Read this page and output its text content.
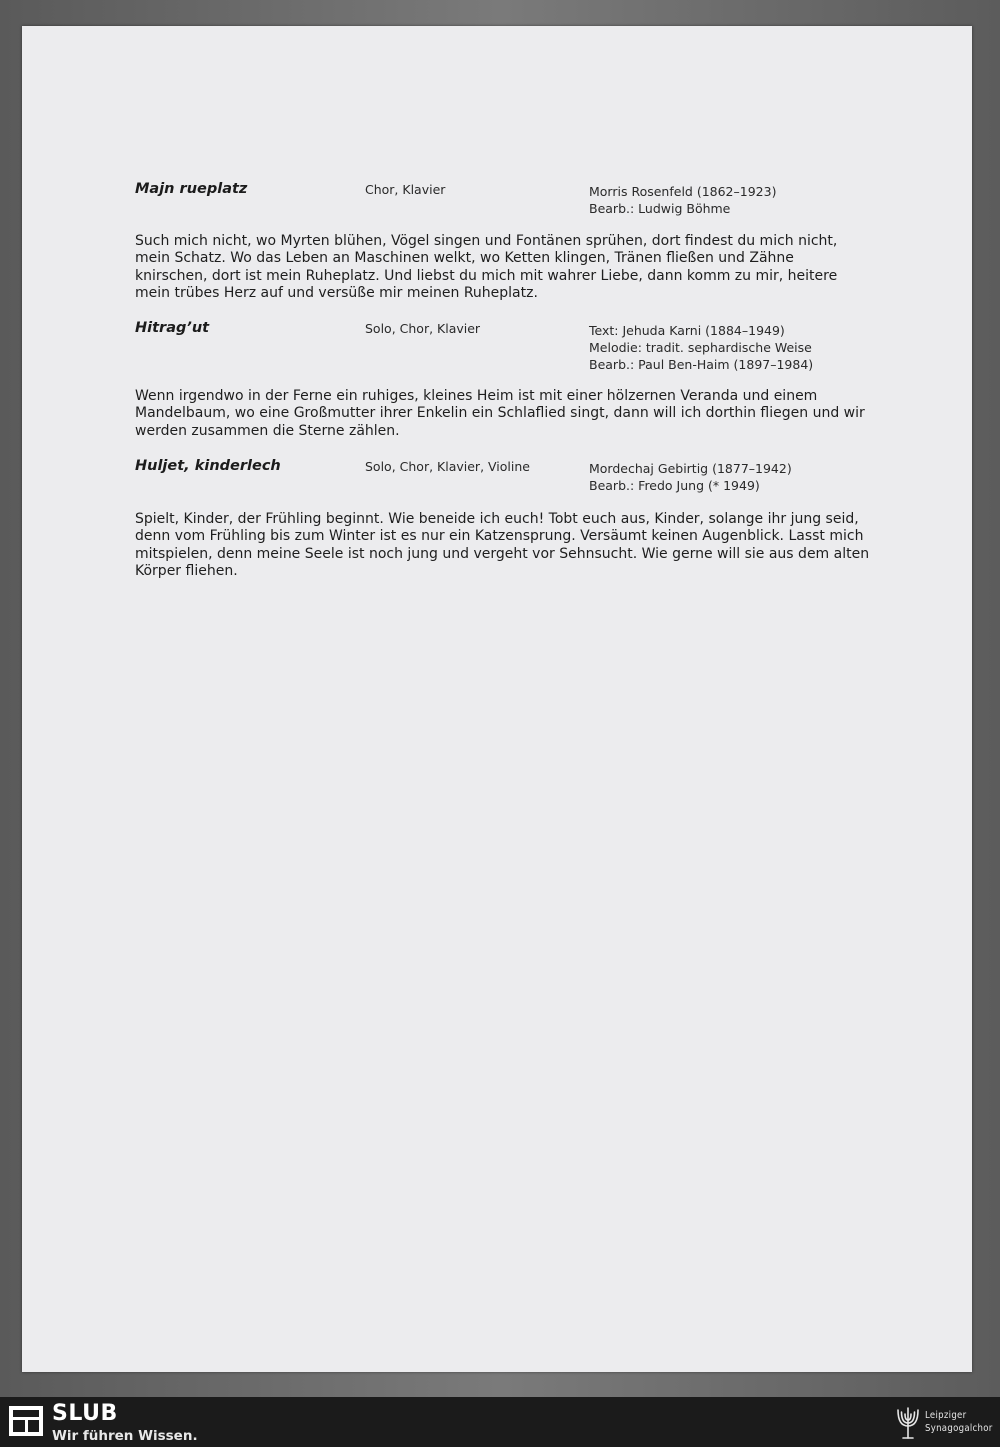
Majn rueplatz	Chor, Klavier	Morris Rosenfeld (1862–1923)
Bearb.: Ludwig Böhme
Such mich nicht, wo Myrten blühen, Vögel singen und Fontänen sprühen, dort findest du mich nicht, mein Schatz. Wo das Leben an Maschinen welkt, wo Ketten klingen, Tränen fließen und Zähne knirschen, dort ist mein Ruheplatz. Und liebst du mich mit wahrer Liebe, dann komm zu mir, heitere mein trübes Herz auf und versüße mir meinen Ruheplatz.
Hitrag’ut	Solo, Chor, Klavier	Text: Jehuda Karni (1884–1949)
Melodie: tradit. sephardische Weise
Bearb.: Paul Ben-Haim (1897–1984)
Wenn irgendwo in der Ferne ein ruhiges, kleines Heim ist mit einer hölzernen Veranda und einem Mandelbaum, wo eine Großmutter ihrer Enkelin ein Schlaflied singt, dann will ich dorthin fliegen und wir werden zusammen die Sterne zählen.
Huljet, kinderlech	Solo, Chor, Klavier, Violine	Mordechaj Gebirtig (1877–1942)
Bearb.: Fredo Jung (* 1949)
Spielt, Kinder, der Frühling beginnt. Wie beneide ich euch! Tobt euch aus, Kinder, solange ihr jung seid, denn vom Frühling bis zum Winter ist es nur ein Katzensprung. Versäumt keinen Augenblick. Lasst mich mitspielen, denn meine Seele ist noch jung und vergeht vor Sehnsucht. Wie gerne will sie aus dem alten Körper fliehen.
SLUB
Wir führen Wissen.
Leipziger
Synagogalchor
